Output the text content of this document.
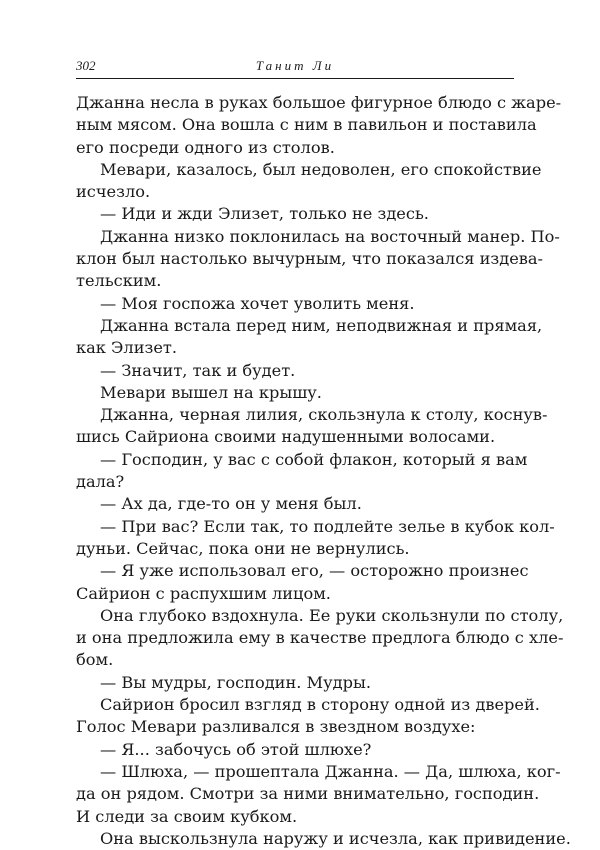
302	Танит Ли
Джанна несла в руках большое фигурное блюдо с жаре-
ным мясом. Она вошла с ним в павильон и поставила
его посреди одного из столов.
Мевари, казалось, был недоволен, его спокойствие
исчезло.
— Иди и жди Элизет, только не здесь.
Джанна низко поклонилась на восточный манер. По-
клон был настолько вычурным, что показался издева-
тельским.
— Моя госпожа хочет уволить меня.
Джанна встала перед ним, неподвижная и прямая,
как Элизет.
— Значит, так и будет.
Мевари вышел на крышу.
Джанна, черная лилия, скользнула к столу, коснув-
шись Сайриона своими надушенными волосами.
— Господин, у вас с собой флакон, который я вам
дала?
— Ах да, где-то он у меня был.
— При вас? Если так, то подлейте зелье в кубок кол-
дуньи. Сейчас, пока они не вернулись.
— Я уже использовал его, — осторожно произнес
Сайрион с распухшим лицом.
Она глубоко вздохнула. Ее руки скользнули по столу,
и она предложила ему в качестве предлога блюдо с хле-
бом.
— Вы мудры, господин. Мудры.
Сайрион бросил взгляд в сторону одной из дверей.
Голос Мевари разливался в звездном воздухе:
— Я... забочусь об этой шлюхе?
— Шлюха, — прошептала Джанна. — Да, шлюха, ког-
да он рядом. Смотри за ними внимательно, господин.
И следи за своим кубком.
Она выскользнула наружу и исчезла, как привидение.
